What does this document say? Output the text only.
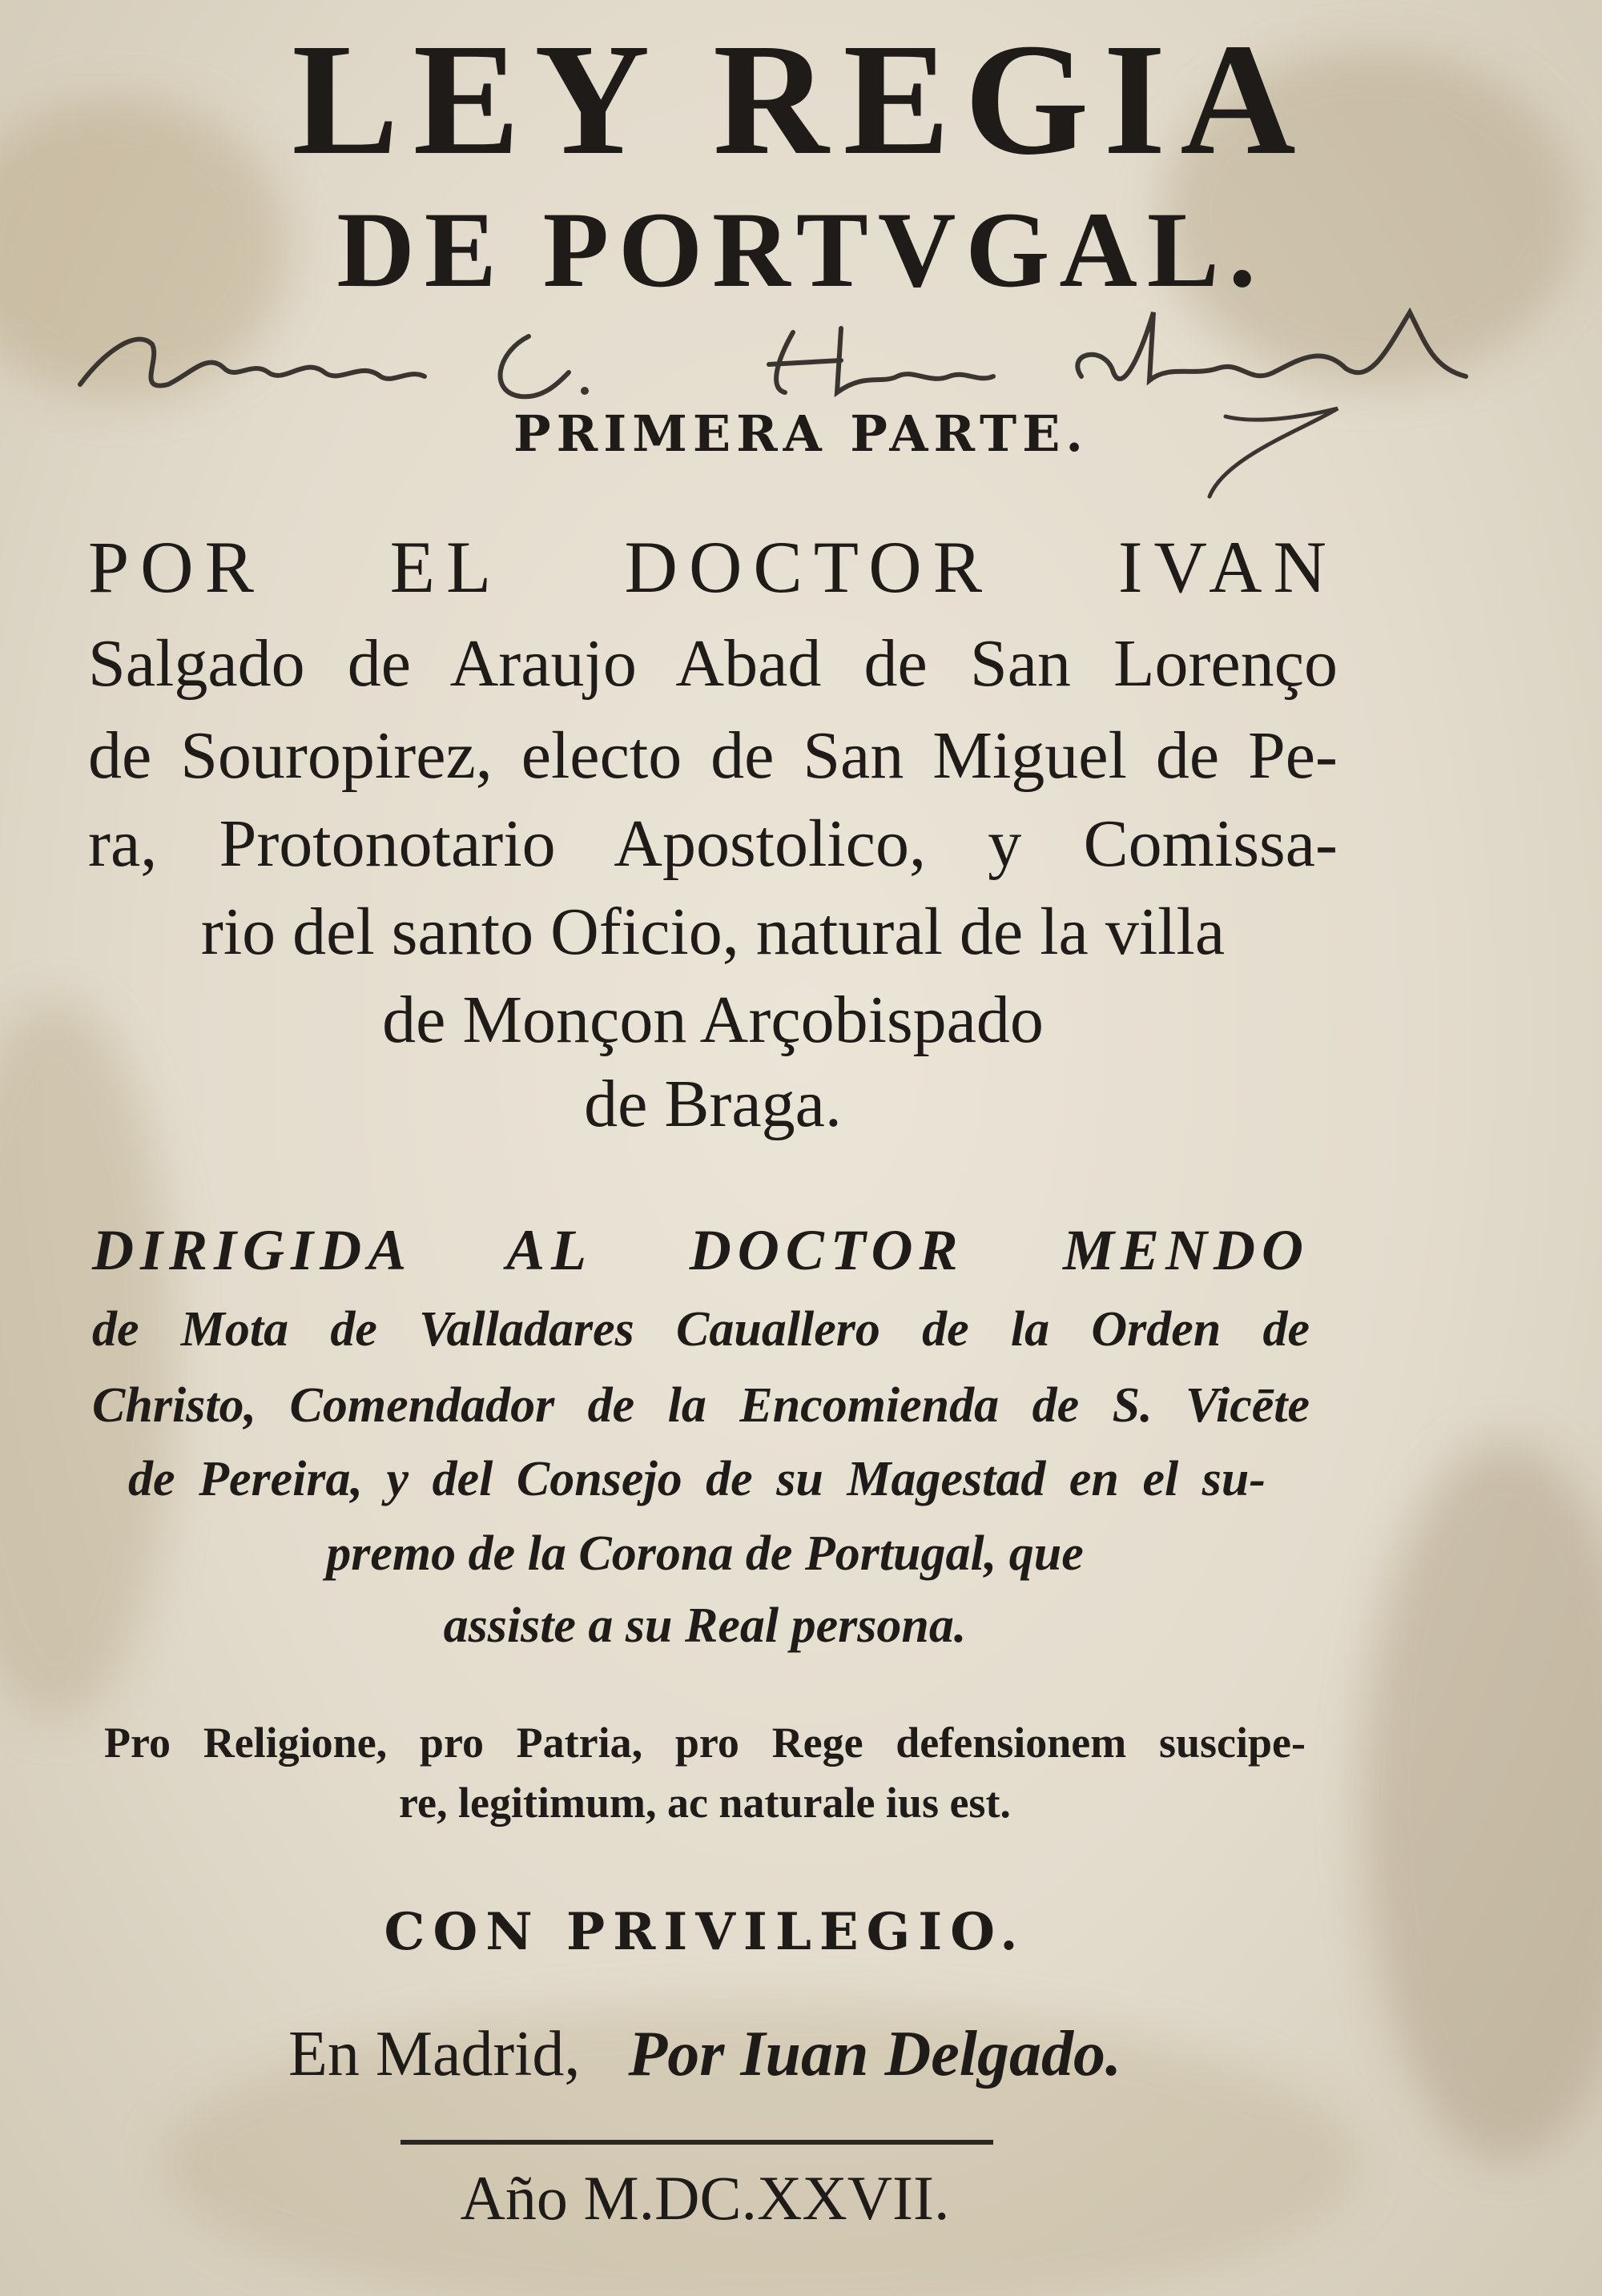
LEY REGIA
DE PORTVGAL.
PRIMERA PARTE.
POR EL DOCTOR IVAN
Salgado de Araujo Abad de San Lorenço
de Souropirez, electo de San Miguel de Pe-
ra, Protonotario Apostolico, y Comissa-
rio del santo Oficio, natural de la villa
de Monçon Arçobispado
de Braga.
DIRIGIDA AL DOCTOR MENDO
de Mota de Valladares Cauallero de la Orden de
Christo, Comendador de la Encomienda de S. Vicēte
de Pereira, y del Consejo de su Magestad en el su-
premo de la Corona de Portugal, que
assiste a su Real persona.
Pro Religione, pro Patria, pro Rege defensionem suscipe-
re, legitimum, ac naturale ius est.
CON PRIVILEGIO.
En Madrid, Por Iuan Delgado.
Año M.DC.XXVII.
